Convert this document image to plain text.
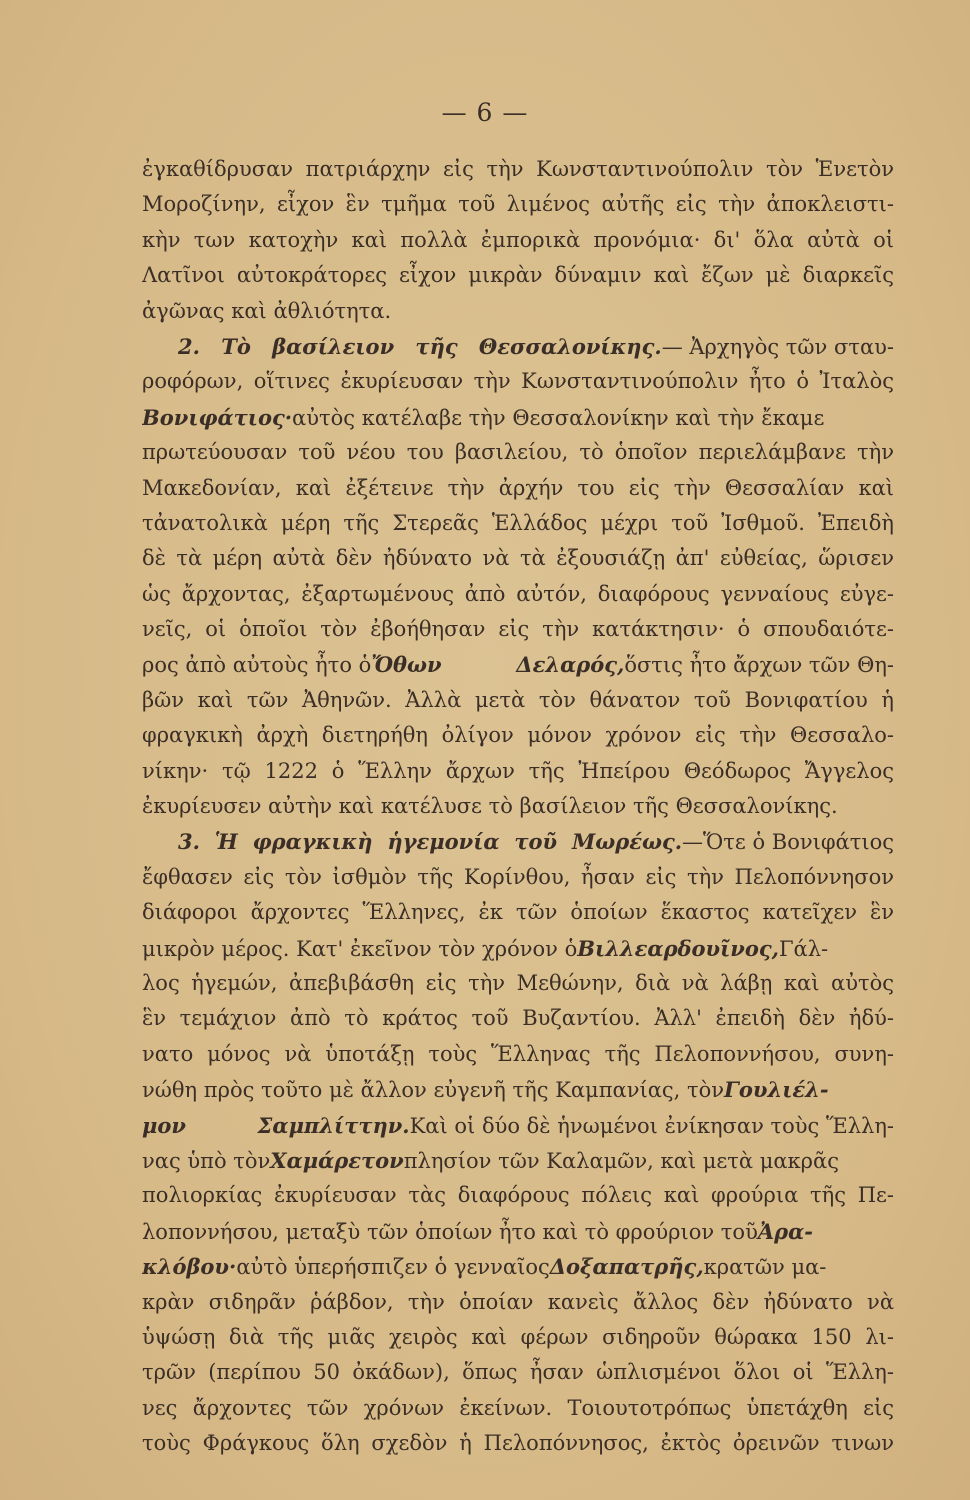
— 6 —
ἐγκαθίδρυσαν πατριάρχην εἰς τὴν Κωνσταντινούπολιν τὸν Ἑνετὸν
Μοροζίνην, εἶχον ἓν τμῆμα τοῦ λιμένος αὐτῆς εἰς τὴν ἀποκλειστι-
κὴν των κατοχὴν καὶ πολλὰ ἐμπορικὰ προνόμια· δι' ὅλα αὐτὰ οἱ
Λατῖνοι αὐτοκράτορες εἶχον μικρὰν δύναμιν καὶ ἔζων μὲ διαρκεῖς
ἀγῶνας καὶ ἀθλιότητα.
2. Τὸ βασίλειον τῆς Θεσσαλονίκης.— Ἀρχηγὸς τῶν σταυ-
ροφόρων, οἵτινες ἐκυρίευσαν τὴν Κωνσταντινούπολιν ἦτο ὁ Ἰταλὸς
Βονιφάτιος·αὐτὸς κατέλαβε τὴν Θεσσαλονίκην καὶ τὴν ἔκαμε
πρωτεύουσαν τοῦ νέου του βασιλείου, τὸ ὁποῖον περιελάμβανε τὴν
Μακεδονίαν, καὶ ἐξέτεινε τὴν ἀρχήν του εἰς τὴν Θεσσαλίαν καὶ
τἀνατολικὰ μέρη τῆς Στερεᾶς Ἑλλάδος μέχρι τοῦ Ἰσθμοῦ. Ἐπειδὴ
δὲ τὰ μέρη αὐτὰ δὲν ἠδύνατο νὰ τὰ ἐξουσιάζῃ ἀπ' εὐθείας, ὥρισεν
ὡς ἄρχοντας, ἐξαρτωμένους ἀπὸ αὐτόν, διαφόρους γενναίους εὐγε-
νεῖς, οἱ ὁποῖοι τὸν ἐβοήθησαν εἰς τὴν κατάκτησιν· ὁ σπουδαιότε-
ρος ἀπὸ αὐτοὺς ἦτο ὁὌθων Δελαρός,ὅστις ἦτο ἄρχων τῶν Θη-
βῶν καὶ τῶν Ἀθηνῶν. Ἀλλὰ μετὰ τὸν θάνατον τοῦ Βονιφατίου ἡ
φραγκικὴ ἀρχὴ διετηρήθη ὀλίγον μόνον χρόνον εἰς τὴν Θεσσαλο-
νίκην· τῷ 1222 ὁ Ἕλλην ἄρχων τῆς Ἠπείρου Θεόδωρος Ἄγγελος
ἐκυρίευσεν αὐτὴν καὶ κατέλυσε τὸ βασίλειον τῆς Θεσσαλονίκης.
3. Ἡ φραγκικὴ ἡγεμονία τοῦ Μωρέως.—Ὅτε ὁ Βονιφάτιος
ἔφθασεν εἰς τὸν ἰσθμὸν τῆς Κορίνθου, ἦσαν εἰς τὴν Πελοπόννησον
διάφοροι ἄρχοντες Ἕλληνες, ἐκ τῶν ὁποίων ἕκαστος κατεῖχεν ἓν
μικρὸν μέρος. Κατ' ἐκεῖνον τὸν χρόνον ὁΒιλλεαρδουῖνος,Γάλ-
λος ἡγεμών, ἀπεβιβάσθη εἰς τὴν Μεθώνην, διὰ νὰ λάβῃ καὶ αὐτὸς
ἓν τεμάχιον ἀπὸ τὸ κράτος τοῦ Βυζαντίου. Ἀλλ' ἐπειδὴ δὲν ἠδύ-
νατο μόνος νὰ ὑποτάξῃ τοὺς Ἕλληνας τῆς Πελοποννήσου, συνη-
νώθη πρὸς τοῦτο μὲ ἄλλον εὐγενῆ τῆς Καμπανίας, τὸνΓουλιέλ-
μον Σαμπλίττην.Καὶ οἱ δύο δὲ ἡνωμένοι ἐνίκησαν τοὺς Ἕλλη-
νας ὑπὸ τὸνΧαμάρετονπλησίον τῶν Καλαμῶν, καὶ μετὰ μακρᾶς
πολιορκίας ἐκυρίευσαν τὰς διαφόρους πόλεις καὶ φρούρια τῆς Πε-
λοποννήσου, μεταξὺ τῶν ὁποίων ἦτο καὶ τὸ φρούριον τοῦἈρα-
κλόβου·αὐτὸ ὑπερήσπιζεν ὁ γενναῖοςΔοξαπατρῆς,κρατῶν μα-
κρὰν σιδηρᾶν ῥάβδον, τὴν ὁποίαν κανεὶς ἄλλος δὲν ἠδύνατο νὰ
ὑψώσῃ διὰ τῆς μιᾶς χειρὸς καὶ φέρων σιδηροῦν θώρακα 150 λι-
τρῶν (περίπου 50 ὀκάδων), ὅπως ἦσαν ὡπλισμένοι ὅλοι οἱ Ἕλλη-
νες ἄρχοντες τῶν χρόνων ἐκείνων. Τοιουτοτρόπως ὑπετάχθη εἰς
τοὺς Φράγκους ὅλη σχεδὸν ἡ Πελοπόννησος, ἐκτὸς ὀρεινῶν τινων
